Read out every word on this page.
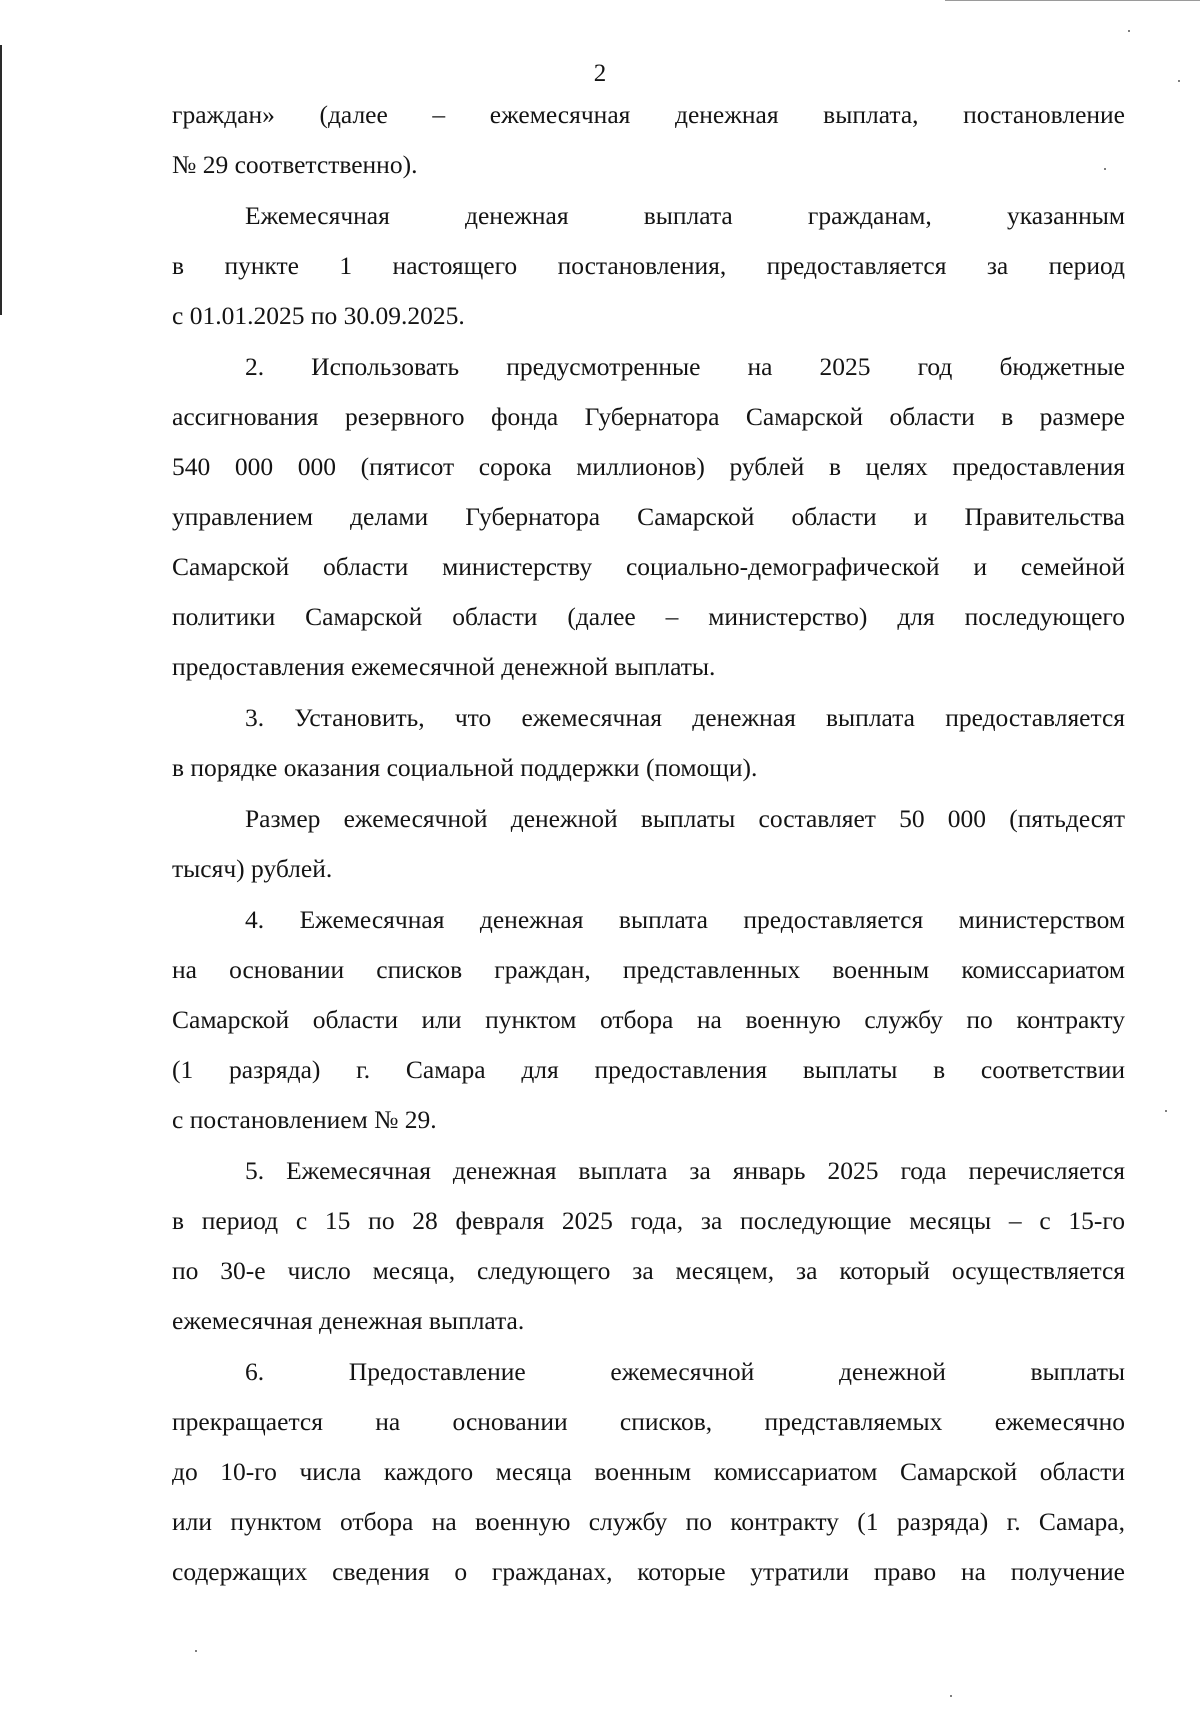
2
граждан» (далее – ежемесячная денежная выплата, постановление
№ 29 соответственно).
Ежемесячная денежная выплата гражданам, указанным
в пункте 1 настоящего постановления, предоставляется за период
с 01.01.2025 по 30.09.2025.
2. Использовать предусмотренные на 2025 год бюджетные
ассигнования резервного фонда Губернатора Самарской области в размере
540 000 000 (пятисот сорока миллионов) рублей в целях предоставления
управлением делами Губернатора Самарской области и Правительства
Самарской области министерству социально-демографической и семейной
политики Самарской области (далее – министерство) для последующего
предоставления ежемесячной денежной выплаты.
3. Установить, что ежемесячная денежная выплата предоставляется
в порядке оказания социальной поддержки (помощи).
Размер ежемесячной денежной выплаты составляет 50 000 (пятьдесят
тысяч) рублей.
4. Ежемесячная денежная выплата предоставляется министерством
на основании списков граждан, представленных военным комиссариатом
Самарской области или пунктом отбора на военную службу по контракту
(1 разряда) г. Самара для предоставления выплаты в соответствии
с постановлением № 29.
5. Ежемесячная денежная выплата за январь 2025 года перечисляется
в период с 15 по 28 февраля 2025 года, за последующие месяцы – с 15-го
по 30-е число месяца, следующего за месяцем, за который осуществляется
ежемесячная денежная выплата.
6. Предоставление ежемесячной денежной выплаты
прекращается на основании списков, представляемых ежемесячно
до 10-го числа каждого месяца военным комиссариатом Самарской области
или пунктом отбора на военную службу по контракту (1 разряда) г. Самара,
содержащих сведения о гражданах, которые утратили право на получение
